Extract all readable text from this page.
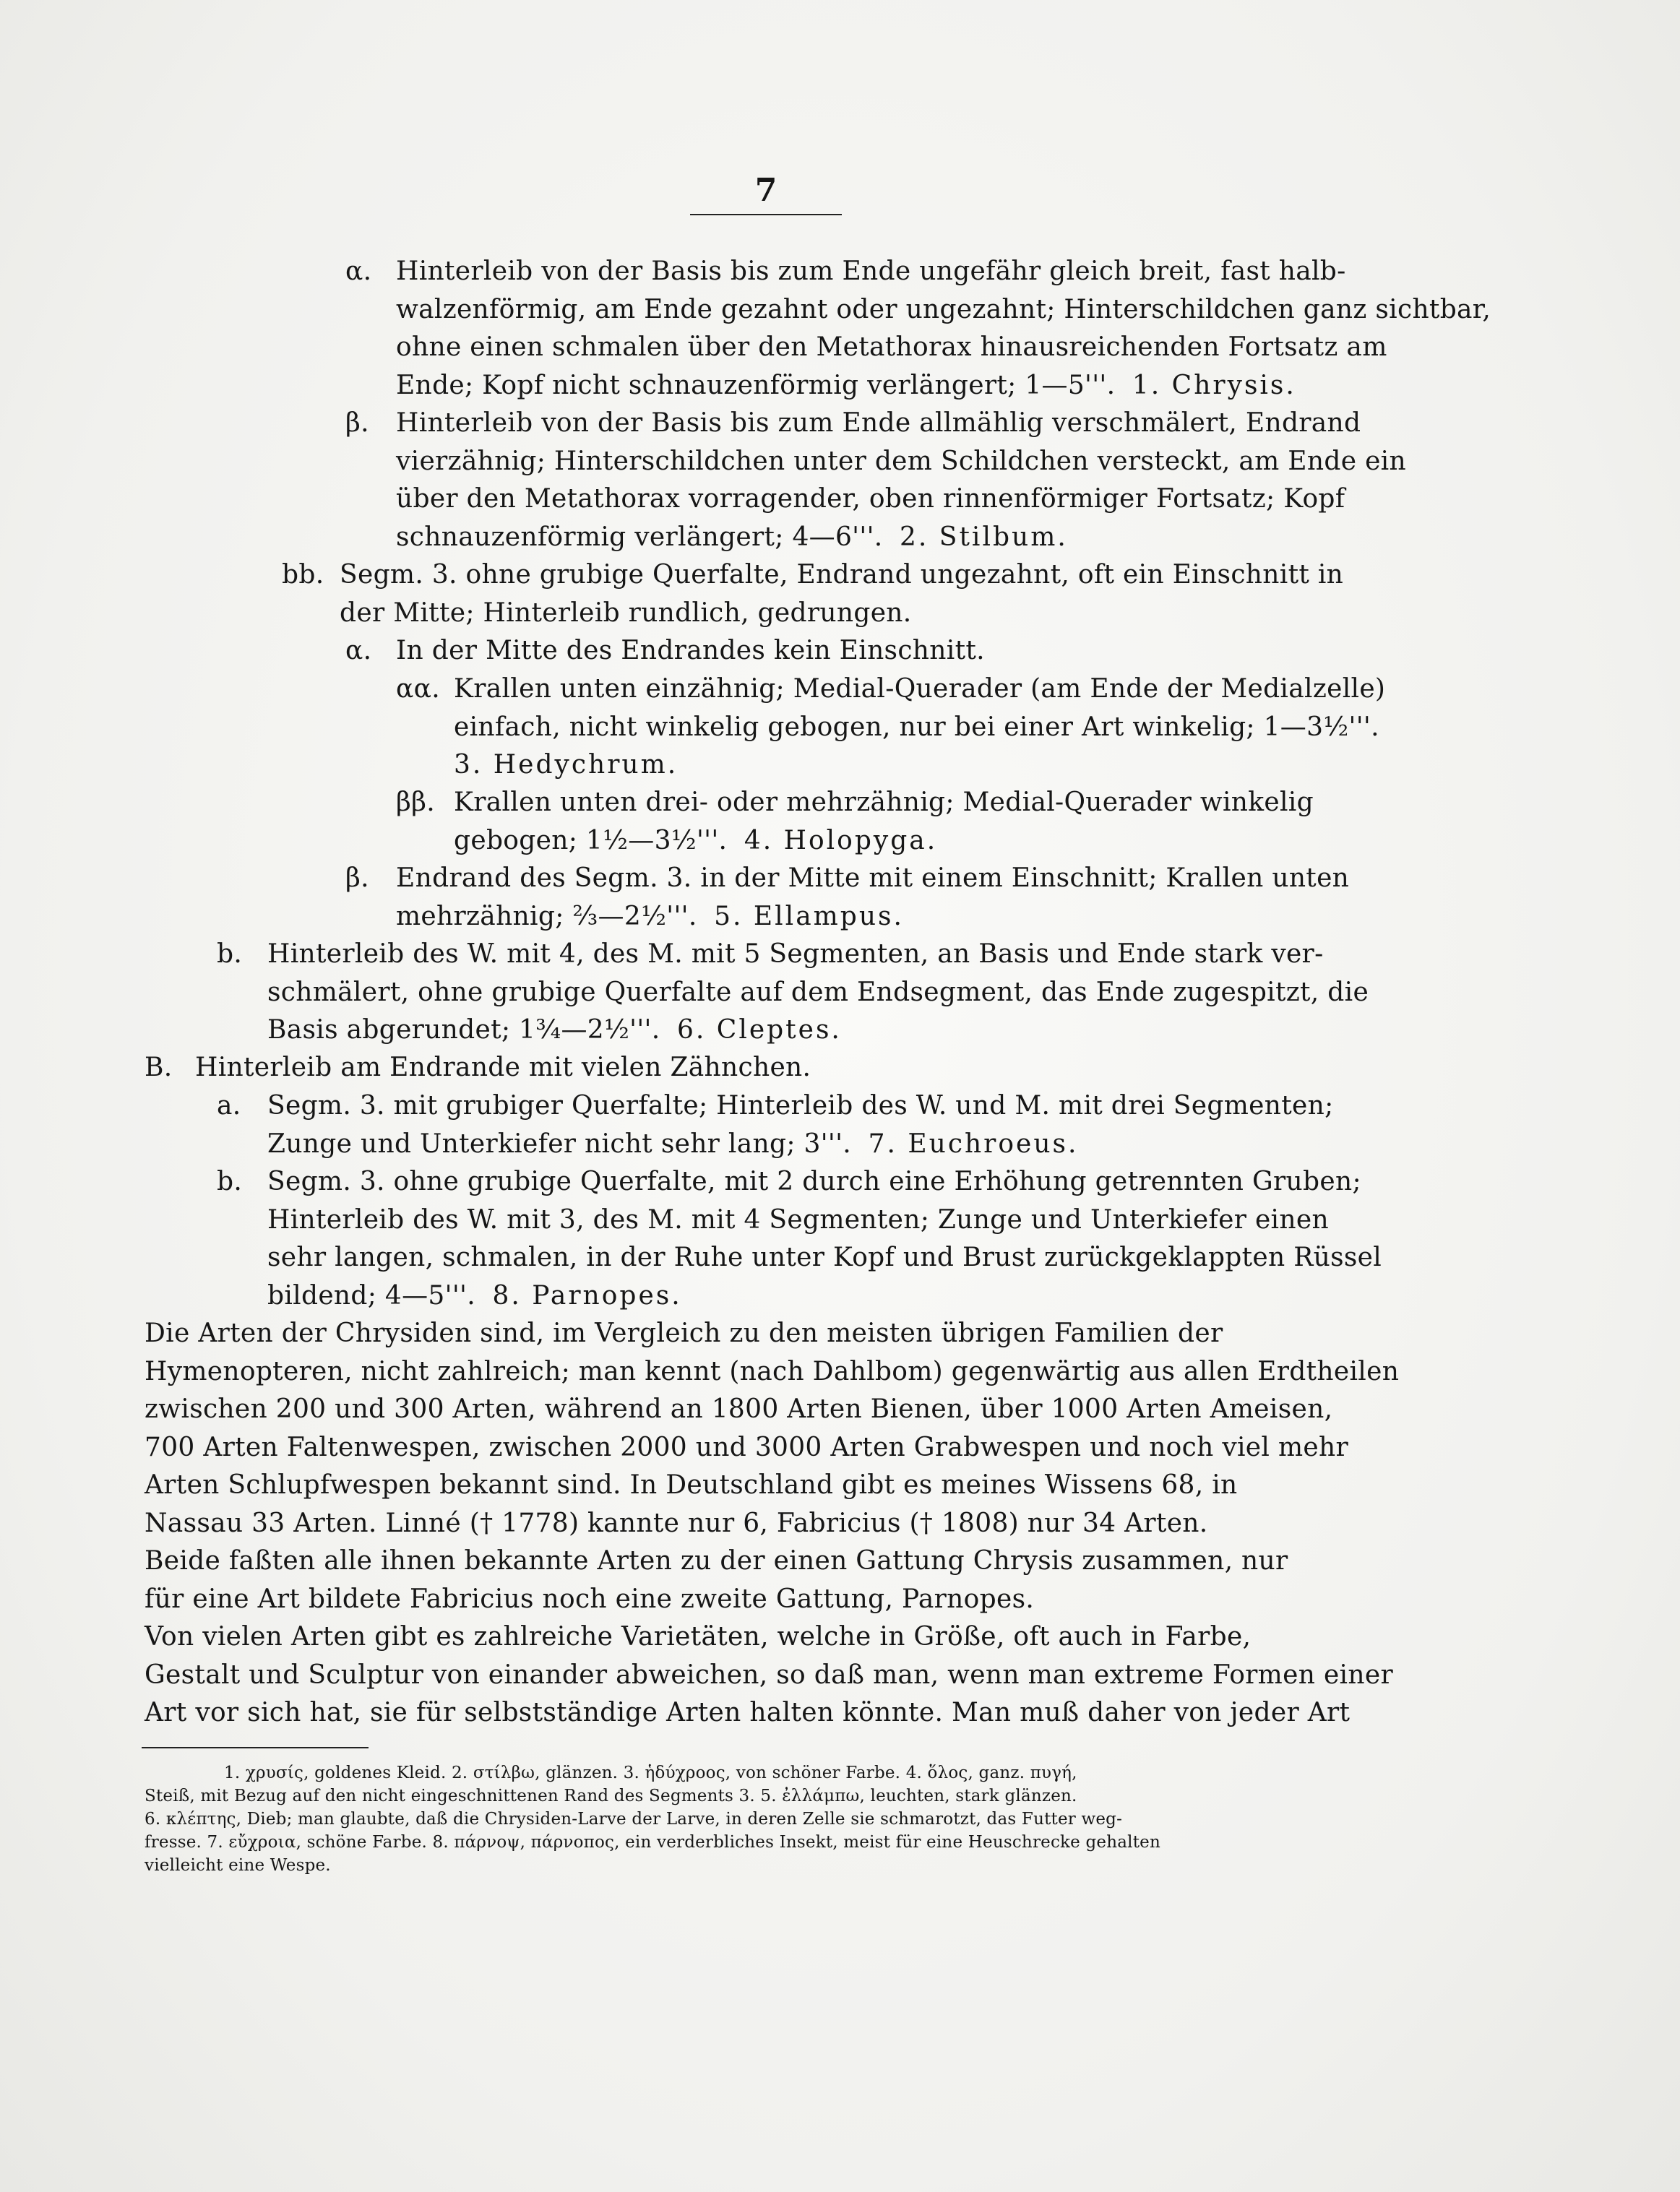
7
α. Hinterleib von der Basis bis zum Ende ungefähr gleich breit, fast halb-
walzenförmig, am Ende gezahnt oder ungezahnt; Hinterschildchen ganz sichtbar,
ohne einen schmalen über den Metathorax hinausreichenden Fortsatz am
Ende; Kopf nicht schnauzenförmig verlängert; 1—5'''. 1. Chrysis.
β. Hinterleib von der Basis bis zum Ende allmählig verschmälert, Endrand
vierzähnig; Hinterschildchen unter dem Schildchen versteckt, am Ende ein
über den Metathorax vorragender, oben rinnenförmiger Fortsatz; Kopf
schnauzenförmig verlängert; 4—6'''. 2. Stilbum.
bb. Segm. 3. ohne grubige Querfalte, Endrand ungezahnt, oft ein Einschnitt in
der Mitte; Hinterleib rundlich, gedrungen.
α. In der Mitte des Endrandes kein Einschnitt.
αα. Krallen unten einzähnig; Medial-Querader (am Ende der Medialzelle)
einfach, nicht winkelig gebogen, nur bei einer Art winkelig; 1—3½'''.
3. Hedychrum.
ββ. Krallen unten drei- oder mehrzähnig; Medial-Querader winkelig
gebogen; 1½—3½'''. 4. Holopyga.
β. Endrand des Segm. 3. in der Mitte mit einem Einschnitt; Krallen unten
mehrzähnig; ⅔—2½'''. 5. Ellampus.
b. Hinterleib des W. mit 4, des M. mit 5 Segmenten, an Basis und Ende stark ver-
schmälert, ohne grubige Querfalte auf dem Endsegment, das Ende zugespitzt, die
Basis abgerundet; 1¾—2½'''. 6. Cleptes.
B. Hinterleib am Endrande mit vielen Zähnchen.
a. Segm. 3. mit grubiger Querfalte; Hinterleib des W. und M. mit drei Segmenten;
Zunge und Unterkiefer nicht sehr lang; 3'''. 7. Euchroeus.
b. Segm. 3. ohne grubige Querfalte, mit 2 durch eine Erhöhung getrennten Gruben;
Hinterleib des W. mit 3, des M. mit 4 Segmenten; Zunge und Unterkiefer einen
sehr langen, schmalen, in der Ruhe unter Kopf und Brust zurückgeklappten Rüssel
bildend; 4—5'''. 8. Parnopes.
Die Arten der Chrysiden sind, im Vergleich zu den meisten übrigen Familien der
Hymenopteren, nicht zahlreich; man kennt (nach Dahlbom) gegenwärtig aus allen Erdtheilen
zwischen 200 und 300 Arten, während an 1800 Arten Bienen, über 1000 Arten Ameisen,
700 Arten Faltenwespen, zwischen 2000 und 3000 Arten Grabwespen und noch viel mehr
Arten Schlupfwespen bekannt sind. In Deutschland gibt es meines Wissens 68, in
Nassau 33 Arten. Linné († 1778) kannte nur 6, Fabricius († 1808) nur 34 Arten.
Beide faßten alle ihnen bekannte Arten zu der einen Gattung Chrysis zusammen, nur
für eine Art bildete Fabricius noch eine zweite Gattung, Parnopes.
Von vielen Arten gibt es zahlreiche Varietäten, welche in Größe, oft auch in Farbe,
Gestalt und Sculptur von einander abweichen, so daß man, wenn man extreme Formen einer
Art vor sich hat, sie für selbstständige Arten halten könnte. Man muß daher von jeder Art
1. χρυσίς, goldenes Kleid. 2. στίλβω, glänzen. 3. ἡδύχροος, von schöner Farbe. 4. ὅλος, ganz. πυγή,
Steiß, mit Bezug auf den nicht eingeschnittenen Rand des Segments 3. 5. ἐλλάμπω, leuchten, stark glänzen.
6. κλέπτης, Dieb; man glaubte, daß die Chrysiden-Larve der Larve, in deren Zelle sie schmarotzt, das Futter weg-
fresse. 7. εὔχροια, schöne Farbe. 8. πάρνοψ, πάρνοπος, ein verderbliches Insekt, meist für eine Heuschrecke gehalten
vielleicht eine Wespe.
